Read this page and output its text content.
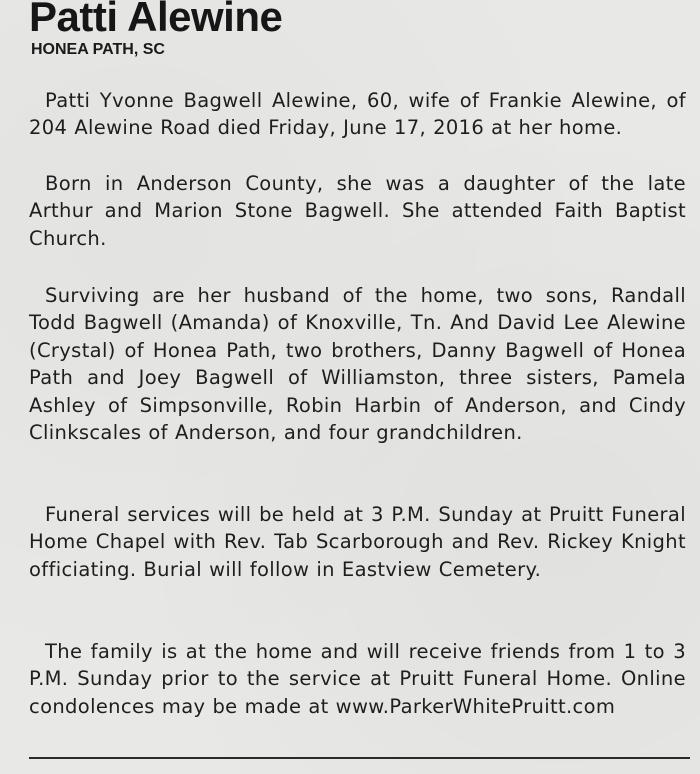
Patti Alewine
HONEA PATH, SC

Patti Yvonne Bagwell Alewine, 60, wife of Frankie Alewine, of 204 Alewine Road died Friday, June 17, 2016 at her home.

Born in Anderson County, she was a daughter of the late Arthur and Marion Stone Bagwell. She attended Faith Baptist Church.

Surviving are her husband of the home, two sons, Randall Todd Bagwell (Amanda) of Knoxville, Tn. And David Lee Alewine (Crystal) of Honea Path, two brothers, Danny Bagwell of Honea Path and Joey Bagwell of Williamston, three sisters, Pamela Ashley of Simpsonville, Robin Harbin of Anderson, and Cindy Clinkscales of Anderson, and four grandchildren.

Funeral services will be held at 3 P.M. Sunday at Pruitt Funeral Home Chapel with Rev. Tab Scarborough and Rev. Rickey Knight officiating. Burial will follow in Eastview Cemetery.

The family is at the home and will receive friends from 1 to 3 P.M. Sunday prior to the service at Pruitt Funeral Home. Online condolences may be made at www.ParkerWhitePruitt.com
